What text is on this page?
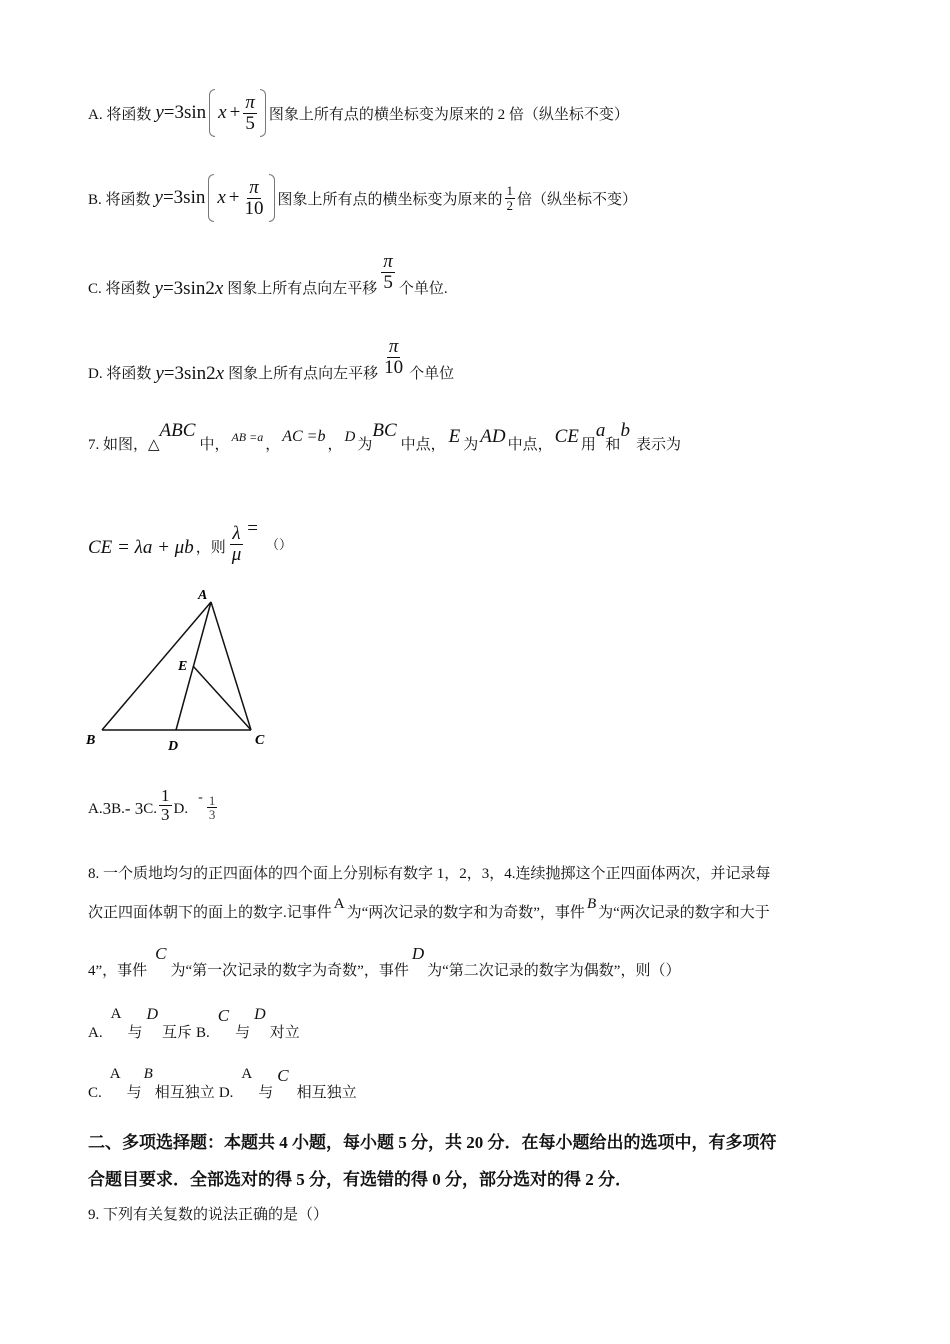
A. 将函数 y =3sin $x + \frac{\pi}{5}$ 图象上所有点的横坐标变为原来的 2 倍（纵坐标不变）
B. 将函数 y =3sin $x + \frac{\pi}{10}$ 图象上所有点的横坐标变为原来的 $\frac{1}{2}$ 倍（纵坐标不变）
C. 将函数 y =3sin2 x 图象上所有点向左平移 $\frac{\pi}{5}$ 个单位.
D. 将函数 y =3sin2 x 图象上所有点向左平移 $\frac{\pi}{10}$ 个单位
7. 如图，△
ABC
中，
AB =a
， AC =b ，
D
为
BC
中点， E 为 AD 中点， CE 用
a
和
b
表示为
CE = λa + μb ，则 $\frac{\lambda}{\mu}$ =
（）
A
B	C
D
E
A. 3 B. - 3 C. $\frac{1}{3} D$.
- $\frac{1}{3}$
8. 一个质地均匀的正四面体的四个面上分别标有数字 1，2，3，4.连续抛掷这个正四面体两次，并记录每
次正四面体朝下的面上的数字.记事件
A
为“两次记录的数字和为奇数”，事件
B
为“两次记录的数字和大于
4”，事件
C
为“第一次记录的数字为奇数”，事件
D
为“第二次记录的数字为偶数”，则（）
A.
A
与
D
互斥 B.
C
与
D
对立
C.
A
与
B
相互独立 D.
A
与
C
相互独立
二、多项选择题：本题共 4 小题，每小题 5 分，共 20 分．在每小题给出的选项中，有多项符
合题目要求．全部选对的得 5 分，有选错的得 0 分，部分选对的得 2 分．
9. 下列有关复数的说法正确的是（）
